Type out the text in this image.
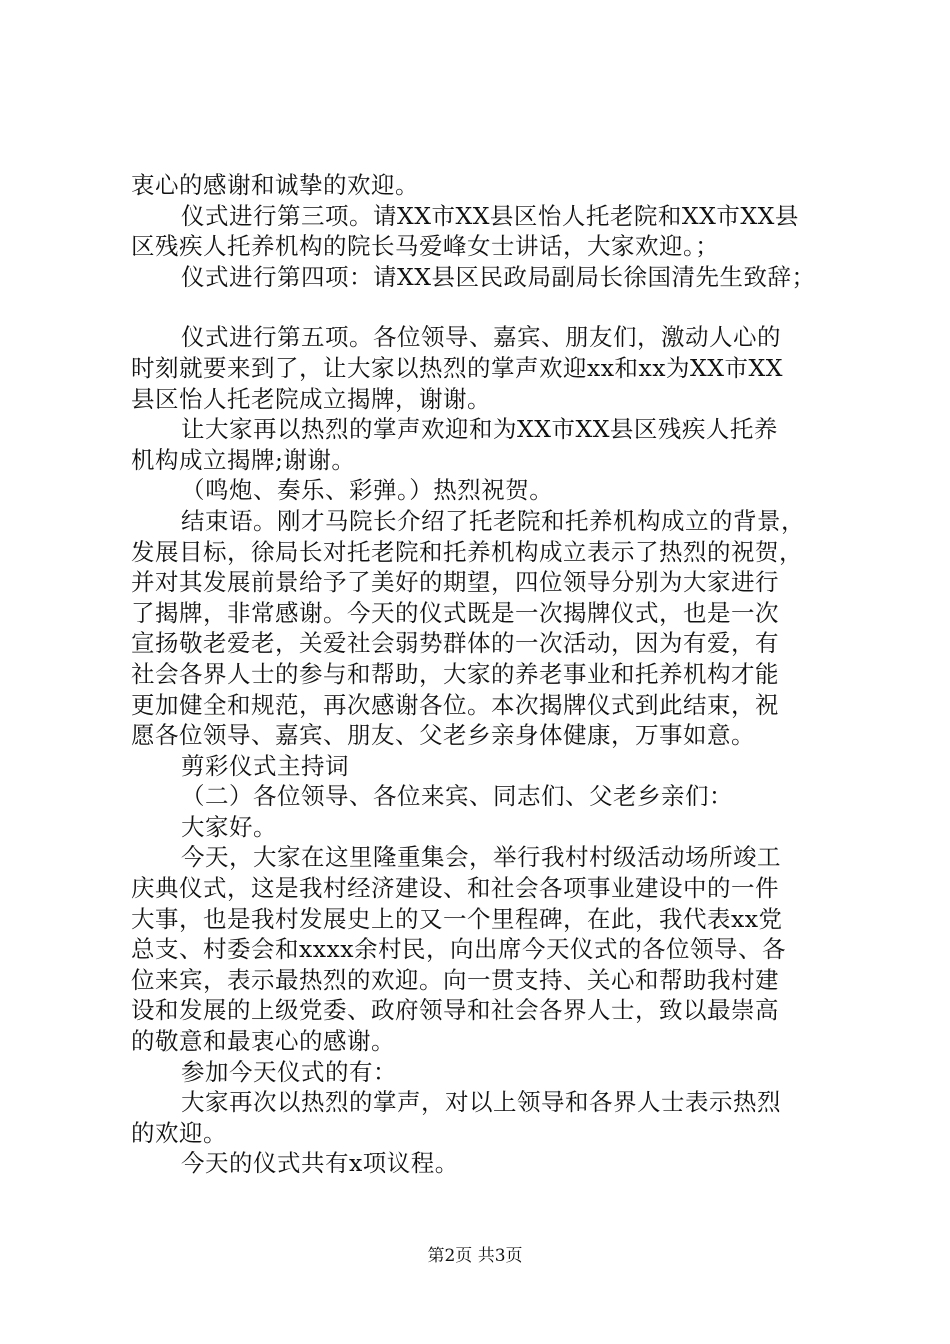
衷心的感谢和诚挚的欢迎。
仪式进行第三项。请XX市XX县区怡人托老院和XX市XX县
区残疾人托养机构的院长马爱峰女士讲话，大家欢迎。；
仪式进行第四项：请XX县区民政局副局长徐国清先生致辞；
仪式进行第五项。各位领导、嘉宾、朋友们，激动人心的
时刻就要来到了，让大家以热烈的掌声欢迎xx和xx为XX市XX
县区怡人托老院成立揭牌，谢谢。
让大家再以热烈的掌声欢迎和为XX市XX县区残疾人托养
机构成立揭牌;谢谢。
（鸣炮、奏乐、彩弹。）热烈祝贺。
结束语。刚才马院长介绍了托老院和托养机构成立的背景，
发展目标，徐局长对托老院和托养机构成立表示了热烈的祝贺，
并对其发展前景给予了美好的期望，四位领导分别为大家进行
了揭牌，非常感谢。今天的仪式既是一次揭牌仪式，也是一次
宣扬敬老爱老，关爱社会弱势群体的一次活动，因为有爱，有
社会各界人士的参与和帮助，大家的养老事业和托养机构才能
更加健全和规范，再次感谢各位。本次揭牌仪式到此结束，祝
愿各位领导、嘉宾、朋友、父老乡亲身体健康，万事如意。
剪彩仪式主持词
（二）各位领导、各位来宾、同志们、父老乡亲们：
大家好。
今天，大家在这里隆重集会，举行我村村级活动场所竣工
庆典仪式，这是我村经济建设、和社会各项事业建设中的一件
大事，也是我村发展史上的又一个里程碑，在此，我代表xx党
总支、村委会和xxxx余村民，向出席今天仪式的各位领导、各
位来宾，表示最热烈的欢迎。向一贯支持、关心和帮助我村建
设和发展的上级党委、政府领导和社会各界人士，致以最崇高
的敬意和最衷心的感谢。
参加今天仪式的有：
大家再次以热烈的掌声，对以上领导和各界人士表示热烈
的欢迎。
今天的仪式共有x项议程。
第2页 共3页
